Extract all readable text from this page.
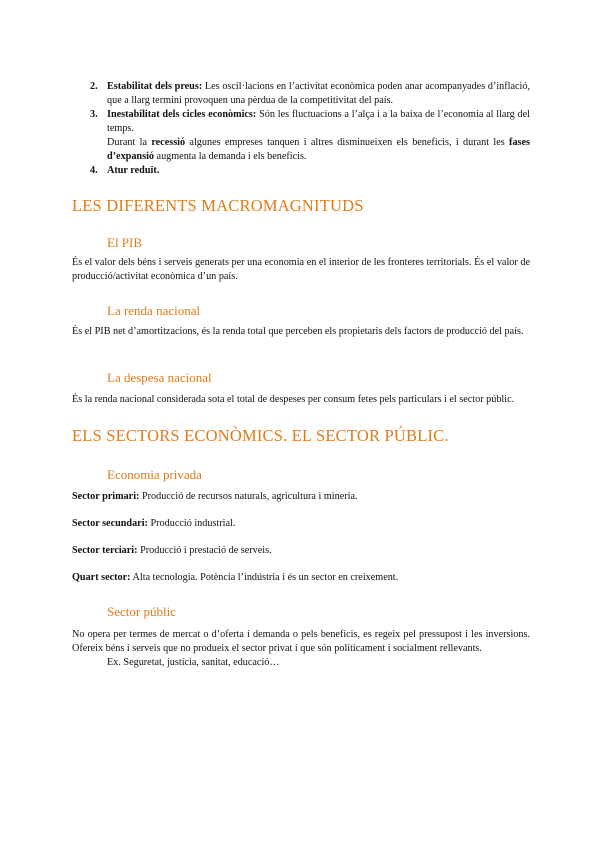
2. Estabilitat dels preus: Les oscil·lacions en l’activitat econòmica poden anar acompanyades d’inflació, que a llarg termini provoquen una pèrdua de la competitivitat del país.

3. Inestabilitat dels cicles econòmics: Són les fluctuacions a l’alça i a la baixa de l’economia al llarg del temps.

Durant la recessió algunes empreses tanquen i altres disminueixen els beneficis, i durant les fases d’expansió augmenta la demanda i els beneficis.

4. Atur reduït.

LES DIFERENTS MACROMAGNITUDS
El PIB

És el valor dels béns i serveis generats per una economia en el interior de les fronteres territorials. És el valor de producció/activitat econòmica d’un país.

La renda nacional

És el PIB net d’amortitzacions, és la renda total que perceben els propietaris dels factors de producció del país.

La despesa nacional

És la renda nacional considerada sota el total de despeses per consum fetes pels particulars i el sector públic.

ELS SECTORS ECONÒMICS. EL SECTOR PÚBLIC.
Economia privada

Sector primari: Producció de recursos naturals, agricultura i mineria.

Sector secundari: Producció industrial.

Sector terciari: Producció i prestació de serveis.

Quart sector: Alta tecnologia. Potència l’indústria i és un sector en creixement.

Sector públic

No opera per termes de mercat o d’oferta i demanda o pels beneficis, es regeix pel pressupost i les inversions. Ofereix béns i serveis que no produeix el sector privat i que són políticament i socialment rellevants.

Ex. Seguretat, justícia, sanitat, educació…
